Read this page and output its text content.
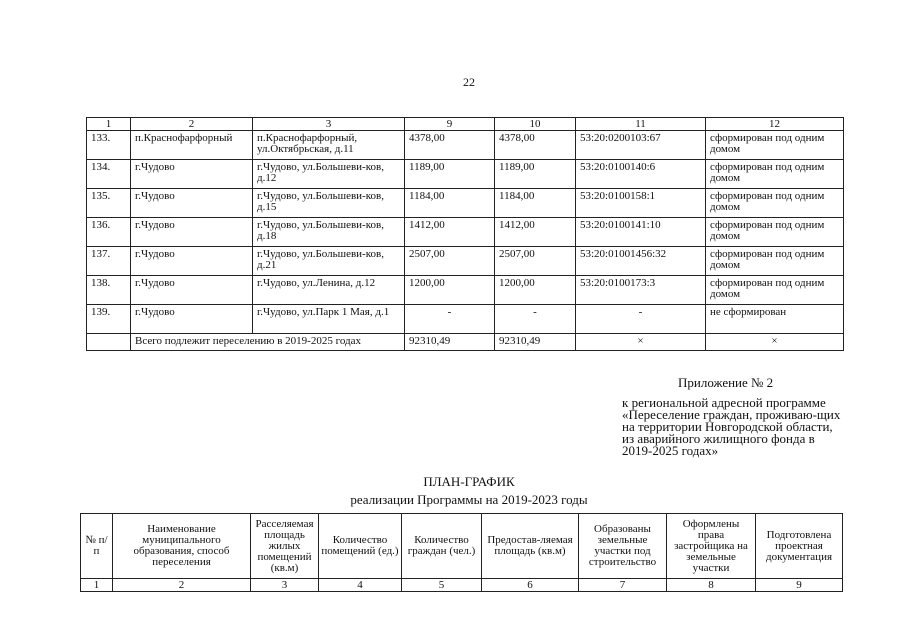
22
1	2	3	9	10	11	12
133.	п.Краснофарфорный	п.Краснофарфорный, ул.Октябрьская, д.11	4378,00	4378,00	53:20:0200103:67	сформирован под одним домом
134.	г.Чудово	г.Чудово, ул.Большеви-ков, д.12	1189,00	1189,00	53:20:0100140:6	сформирован под одним домом
135.	г.Чудово	г.Чудово, ул.Большеви-ков, д.15	1184,00	1184,00	53:20:0100158:1	сформирован под одним домом
136.	г.Чудово	г.Чудово, ул.Большеви-ков, д.18	1412,00	1412,00	53:20:0100141:10	сформирован под одним домом
137.	г.Чудово	г.Чудово, ул.Большеви-ков, д.21	2507,00	2507,00	53:20:01001456:32	сформирован под одним домом
138.	г.Чудово	г.Чудово, ул.Ленина, д.12	1200,00	1200,00	53:20:0100173:3	сформирован под одним домом
139.	г.Чудово	г.Чудово, ул.Парк 1 Мая, д.1	-	-	-	не сформирован
	Всего подлежит переселению в 2019-2025 годах		92310,49	92310,49	×	×
Приложение № 2
к региональной адресной программе «Переселение граждан, проживаю-щих на территории Новгородской области, из аварийного жилищного фонда в 2019-2025 годах»
ПЛАН-ГРАФИК
реализации Программы на 2019-2023 годы
№ п/п	Наименование муниципального образования, способ переселения	Расселяемая площадь жилых помещений (кв.м)	Количество помещений (ед.)	Количество граждан (чел.)	Предостав-ляемая площадь (кв.м)	Образованы земельные участки под строительство	Оформлены права застройщика на земельные участки	Подготовлена проектная документация
1	2	3	4	5	6	7	8	9
